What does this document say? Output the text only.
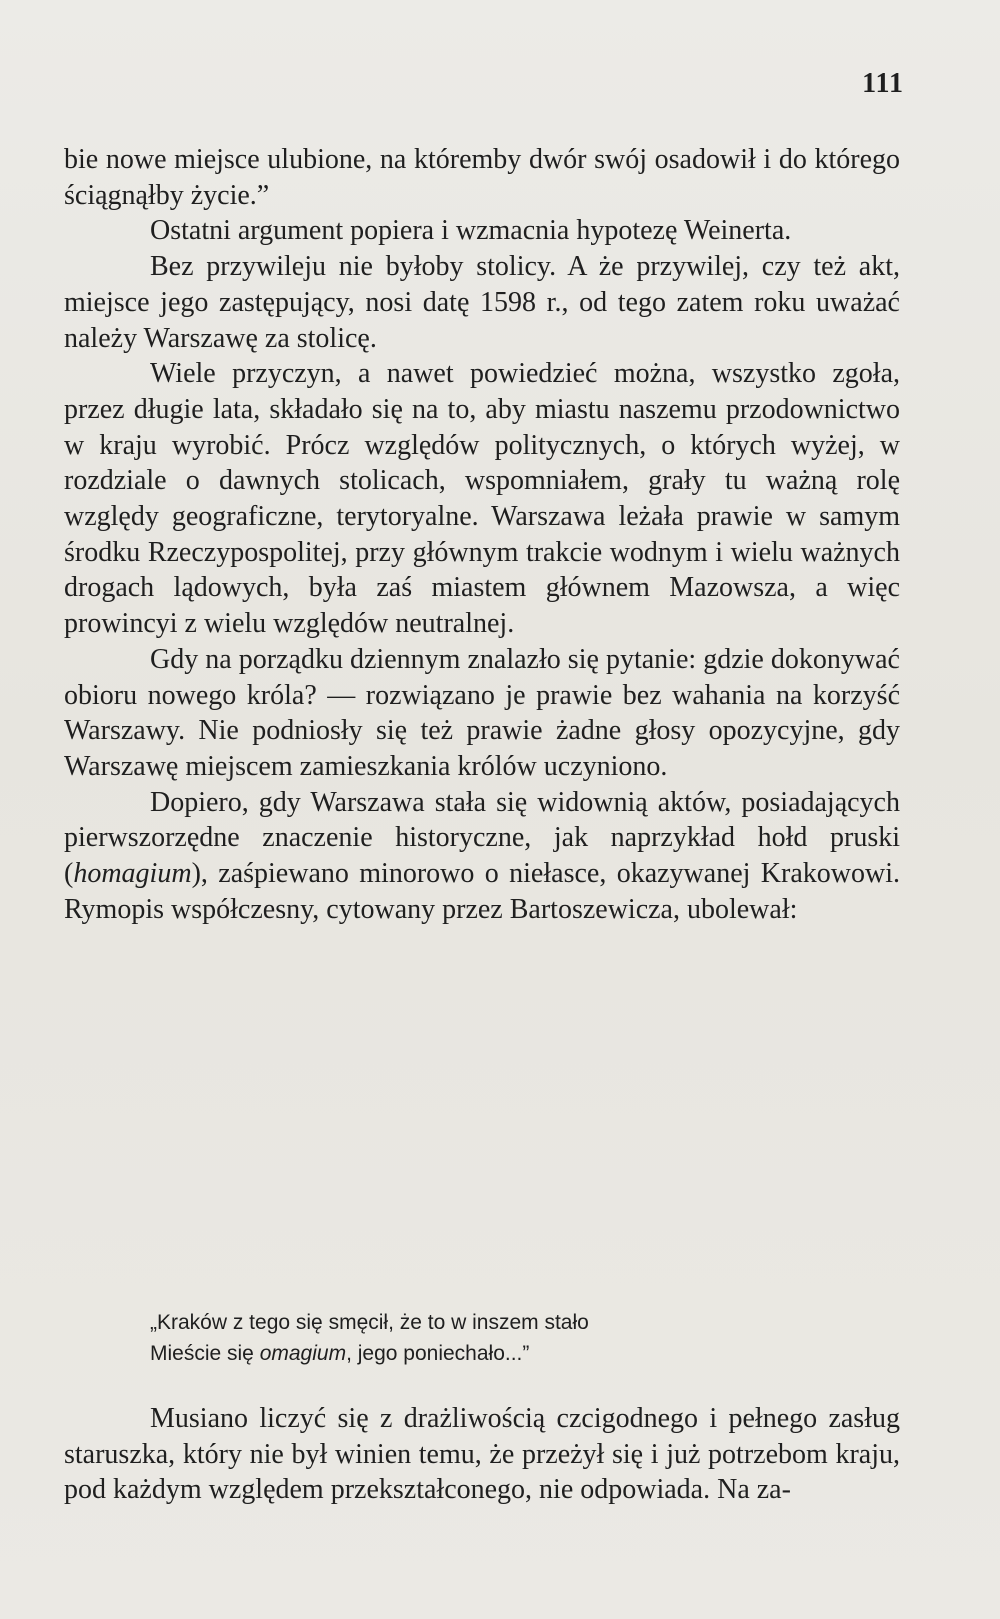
111

bie nowe miejsce ulubione, na któremby dwór swój osadowił i do którego ściągnąłby życie.”

Ostatni argument popiera i wzmacnia hypotezę Weinerta.

Bez przywileju nie byłoby stolicy. A że przywilej, czy też akt, miejsce jego zastępujący, nosi datę 1598 r., od tego zatem roku uważać należy Warszawę za stolicę.

Wiele przyczyn, a nawet powiedzieć można, wszystko zgoła, przez długie lata, składało się na to, aby miastu naszemu przodownictwo w kraju wyrobić. Prócz względów politycznych, o których wyżej, w rozdziale o dawnych stolicach, wspomniałem, grały tu ważną rolę względy geograficzne, terytoryalne. Warszawa leżała prawie w samym środku Rzeczypospolitej, przy głównym trakcie wodnym i wielu ważnych drogach lądowych, była zaś miastem głównem Mazowsza, a więc prowincyi z wielu względów neutralnej.

Gdy na porządku dziennym znalazło się pytanie: gdzie dokonywać obioru nowego króla? — rozwiązano je prawie bez wahania na korzyść Warszawy. Nie podniosły się też prawie żadne głosy opozycyjne, gdy Warszawę miejscem zamieszkania królów uczyniono.

Dopiero, gdy Warszawa stała się widownią aktów, posiadających pierwszorzędne znaczenie historyczne, jak naprzykład hołd pruski (homagium), zaśpiewano minorowo o niełasce, okazywanej Krakowowi. Rymopis współczesny, cytowany przez Bartoszewicza, ubolewał:

„Kraków z tego się smęcił, że to w inszem stało
Mieście się omagium, jego poniechało...”

Musiano liczyć się z drażliwością czcigodnego i pełnego zasług staruszka, który nie był winien temu, że przeżył się i już potrzebom kraju, pod każdym względem przekształconego, nie odpowiada. Na za-
